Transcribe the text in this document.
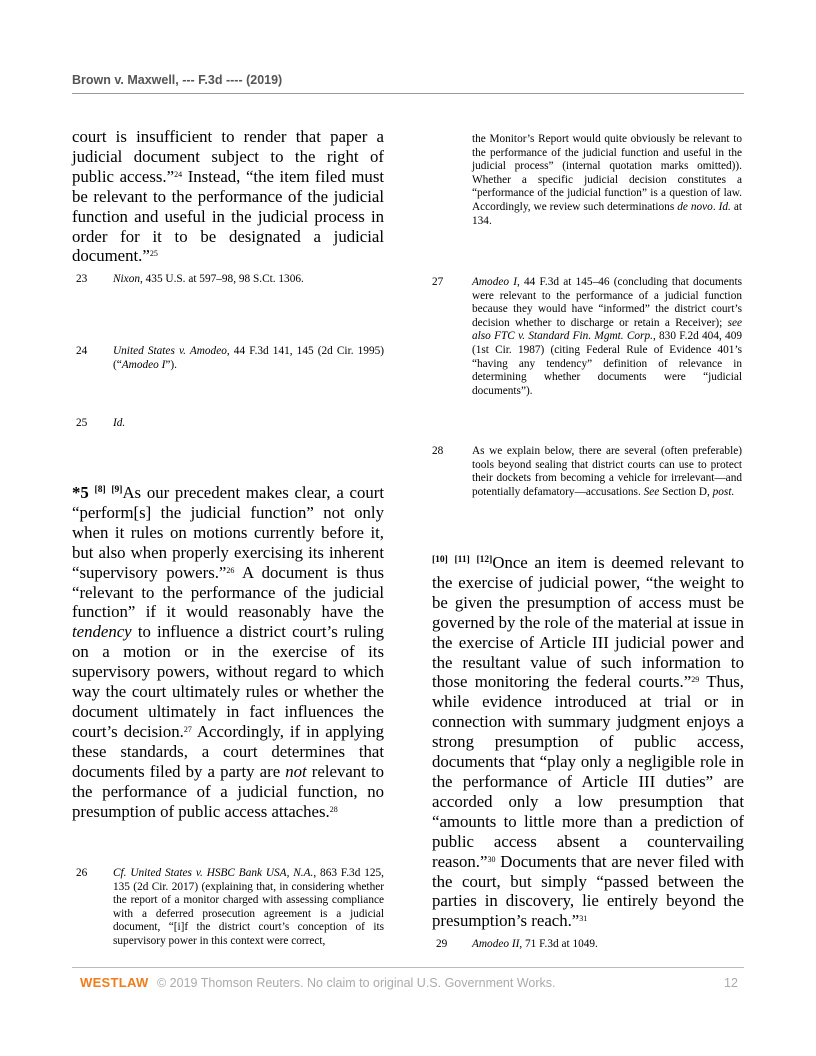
Brown v. Maxwell, --- F.3d ---- (2019)
court is insufficient to render that paper a judicial document subject to the right of public access.”$^{24}$ Instead, “the item filed must be relevant to the performance of the judicial function and useful in the judicial process in order for it to be designated a judicial document.”$^{25}$
23 Nixon, 435 U.S. at 597–98, 98 S.Ct. 1306.
24 United States v. Amodeo, 44 F.3d 141, 145 (2d Cir. 1995) (“Amodeo I”).
25 Id.
*5 [8] [9]As our precedent makes clear, a court “perform[s] the judicial function” not only when it rules on motions currently before it, but also when properly exercising its inherent “supervisory powers.”$^{26}$ A document is thus “relevant to the performance of the judicial function” if it would reasonably have the tendency to influence a district court’s ruling on a motion or in the exercise of its supervisory powers, without regard to which way the court ultimately rules or whether the document ultimately in fact influences the court’s decision.$^{27}$ Accordingly, if in applying these standards, a court determines that documents filed by a party are not relevant to the performance of a judicial function, no presumption of public access attaches.$^{28}$
26 Cf. United States v. HSBC Bank USA, N.A., 863 F.3d 125, 135 (2d Cir. 2017) (explaining that, in considering whether the report of a monitor charged with assessing compliance with a deferred prosecution agreement is a judicial document, “[i]f the district court’s conception of its supervisory power in this context were correct,
the Monitor’s Report would quite obviously be relevant to the performance of the judicial function and useful in the judicial process” (internal quotation marks omitted)). Whether a specific judicial decision constitutes a “performance of the judicial function” is a question of law. Accordingly, we review such determinations de novo. Id. at 134.
27	Amodeo I, 44 F.3d at 145–46 (concluding that documents were relevant to the performance of a judicial function because they would have “informed” the district court’s decision whether to discharge or retain a Receiver); see also FTC v. Standard Fin. Mgmt. Corp., 830 F.2d 404, 409 (1st Cir. 1987) (citing Federal Rule of Evidence 401’s “having any tendency” definition of relevance in determining whether documents were “judicial documents”).
28	As we explain below, there are several (often preferable) tools beyond sealing that district courts can use to protect their dockets from becoming a vehicle for irrelevant—and potentially defamatory—accusations. See Section D, post.
[10] [11] [12]Once an item is deemed relevant to the exercise of judicial power, “the weight to be given the presumption of access must be governed by the role of the material at issue in the exercise of Article III judicial power and the resultant value of such information to those monitoring the federal courts.”$^{29}$ Thus, while evidence introduced at trial or in connection with summary judgment enjoys a strong presumption of public access, documents that “play only a negligible role in the performance of Article III duties” are accorded only a low presumption that “amounts to little more than a prediction of public access absent a countervailing reason.”$^{30}$ Documents that are never filed with the court, but simply “passed between the parties in discovery, lie entirely beyond the presumption’s reach.”$^{31}$
29 Amodeo II, 71 F.3d at 1049.
WESTLAW © 2019 Thomson Reuters. No claim to original U.S. Government Works.	12
